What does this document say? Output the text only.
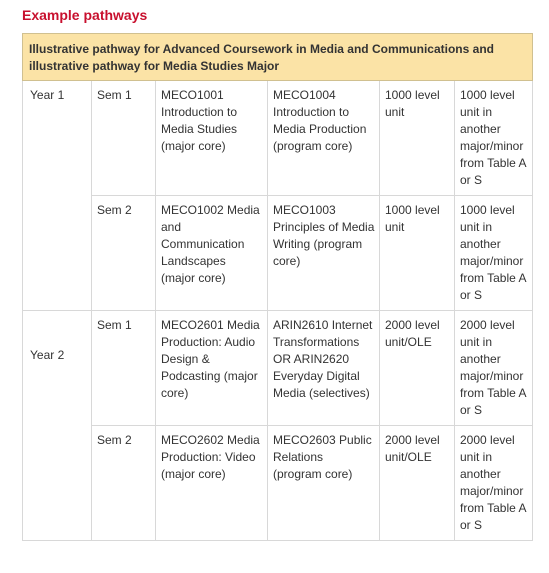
Example pathways
Illustrative pathway for Advanced Coursework in Media and Communications and illustrative pathway for Media Studies Major					
Year 1	Sem 1	MECO1001 Introduction to Media Studies (major core)	MECO1004 Introduction to Media Production (program core)	1000 level unit	1000 level unit in another major/minor from Table A or S
	Sem 2	MECO1002 Media and Communication Landscapes (major core)	MECO1003 Principles of Media Writing (program core)	1000 level unit	1000 level unit in another major/minor from Table A or S
Year 2	Sem 1	MECO2601 Media Production: Audio Design & Podcasting (major core)	ARIN2610 Internet Transformations OR ARIN2620 Everyday Digital Media (selectives)	2000 level unit/OLE	2000 level unit in another major/minor from Table A or S
	Sem 2	MECO2602 Media Production: Video (major core)	MECO2603 Public Relations (program core)	2000 level unit/OLE	2000 level unit in another major/minor from Table A or S
